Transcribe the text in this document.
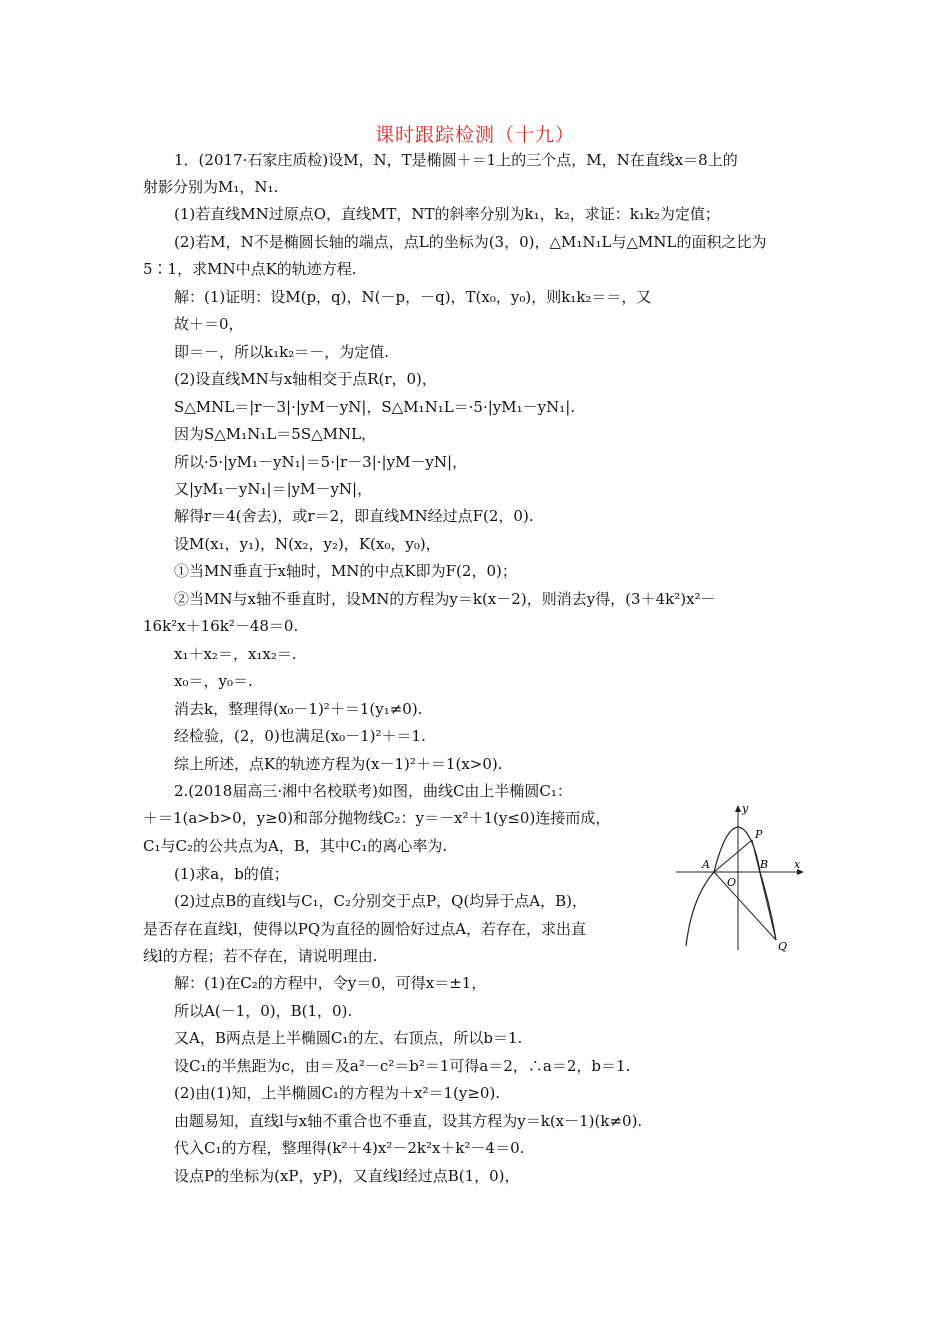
课时跟踪检测（十九）
1．(2017·石家庄质检)设M，N，T是椭圆＋＝1上的三个点，M，N在直线x＝8上的
射影分别为M₁，N₁.
(1)若直线MN过原点O，直线MT，NT的斜率分别为k₁，k₂，求证：k₁k₂为定值；
(2)若M，N不是椭圆长轴的端点，点L的坐标为(3，0)，△M₁N₁L与△MNL的面积之比为
5∶1，求MN中点K的轨迹方程.
解：(1)证明：设M(p，q)，N(－p，－q)，T(x₀，y₀)，则k₁k₂＝＝，又
故＋＝0，
即＝－，所以k₁k₂＝－，为定值.
(2)设直线MN与x轴相交于点R(r，0)，
S△MNL＝|r－3|·|yM－yN|，S△M₁N₁L＝·5·|yM₁－yN₁|.
因为S△M₁N₁L＝5S△MNL，
所以·5·|yM₁－yN₁|＝5·|r－3|·|yM－yN|，
又|yM₁－yN₁|＝|yM－yN|，
解得r＝4(舍去)，或r＝2，即直线MN经过点F(2，0).
设M(x₁，y₁)，N(x₂，y₂)，K(x₀，y₀)，
①当MN垂直于x轴时，MN的中点K即为F(2，0)；
②当MN与x轴不垂直时，设MN的方程为y＝k(x－2)，则消去y得，(3＋4k²)x²－
16k²x＋16k²－48＝0.
x₁＋x₂＝，x₁x₂＝.
x₀＝，y₀＝.
消去k，整理得(x₀－1)²＋＝1(y₁≠0).
经检验，(2，0)也满足(x₀－1)²＋＝1.
综上所述，点K的轨迹方程为(x－1)²＋＝1(x>0).
2.(2018届高三·湘中名校联考)如图，曲线C由上半椭圆C₁：
＋＝1(a>b>0，y≥0)和部分抛物线C₂：y＝－x²＋1(y≤0)连接而成，
C₁与C₂的公共点为A，B，其中C₁的离心率为.
(1)求a，b的值；
(2)过点B的直线l与C₁，C₂分别交于点P，Q(均异于点A，B)，
是否存在直线l，使得以PQ为直径的圆恰好过点A，若存在，求出直
线l的方程；若不存在，请说明理由.
解：(1)在C₂的方程中，令y＝0，可得x＝±1，
所以A(－1，0)，B(1，0).
又A，B两点是上半椭圆C₁的左、右顶点，所以b＝1.
设C₁的半焦距为c，由＝及a²－c²＝b²＝1可得a＝2，∴a＝2，b＝1.
(2)由(1)知，上半椭圆C₁的方程为＋x²＝1(y≥0).
由题易知，直线l与x轴不重合也不垂直，设其方程为y＝k(x－1)(k≠0).
代入C₁的方程，整理得(k²＋4)x²－2k²x＋k²－4＝0.
设点P的坐标为(xP，yP)，又直线l经过点B(1，0)，
y
x
A
O
B
P
Q
